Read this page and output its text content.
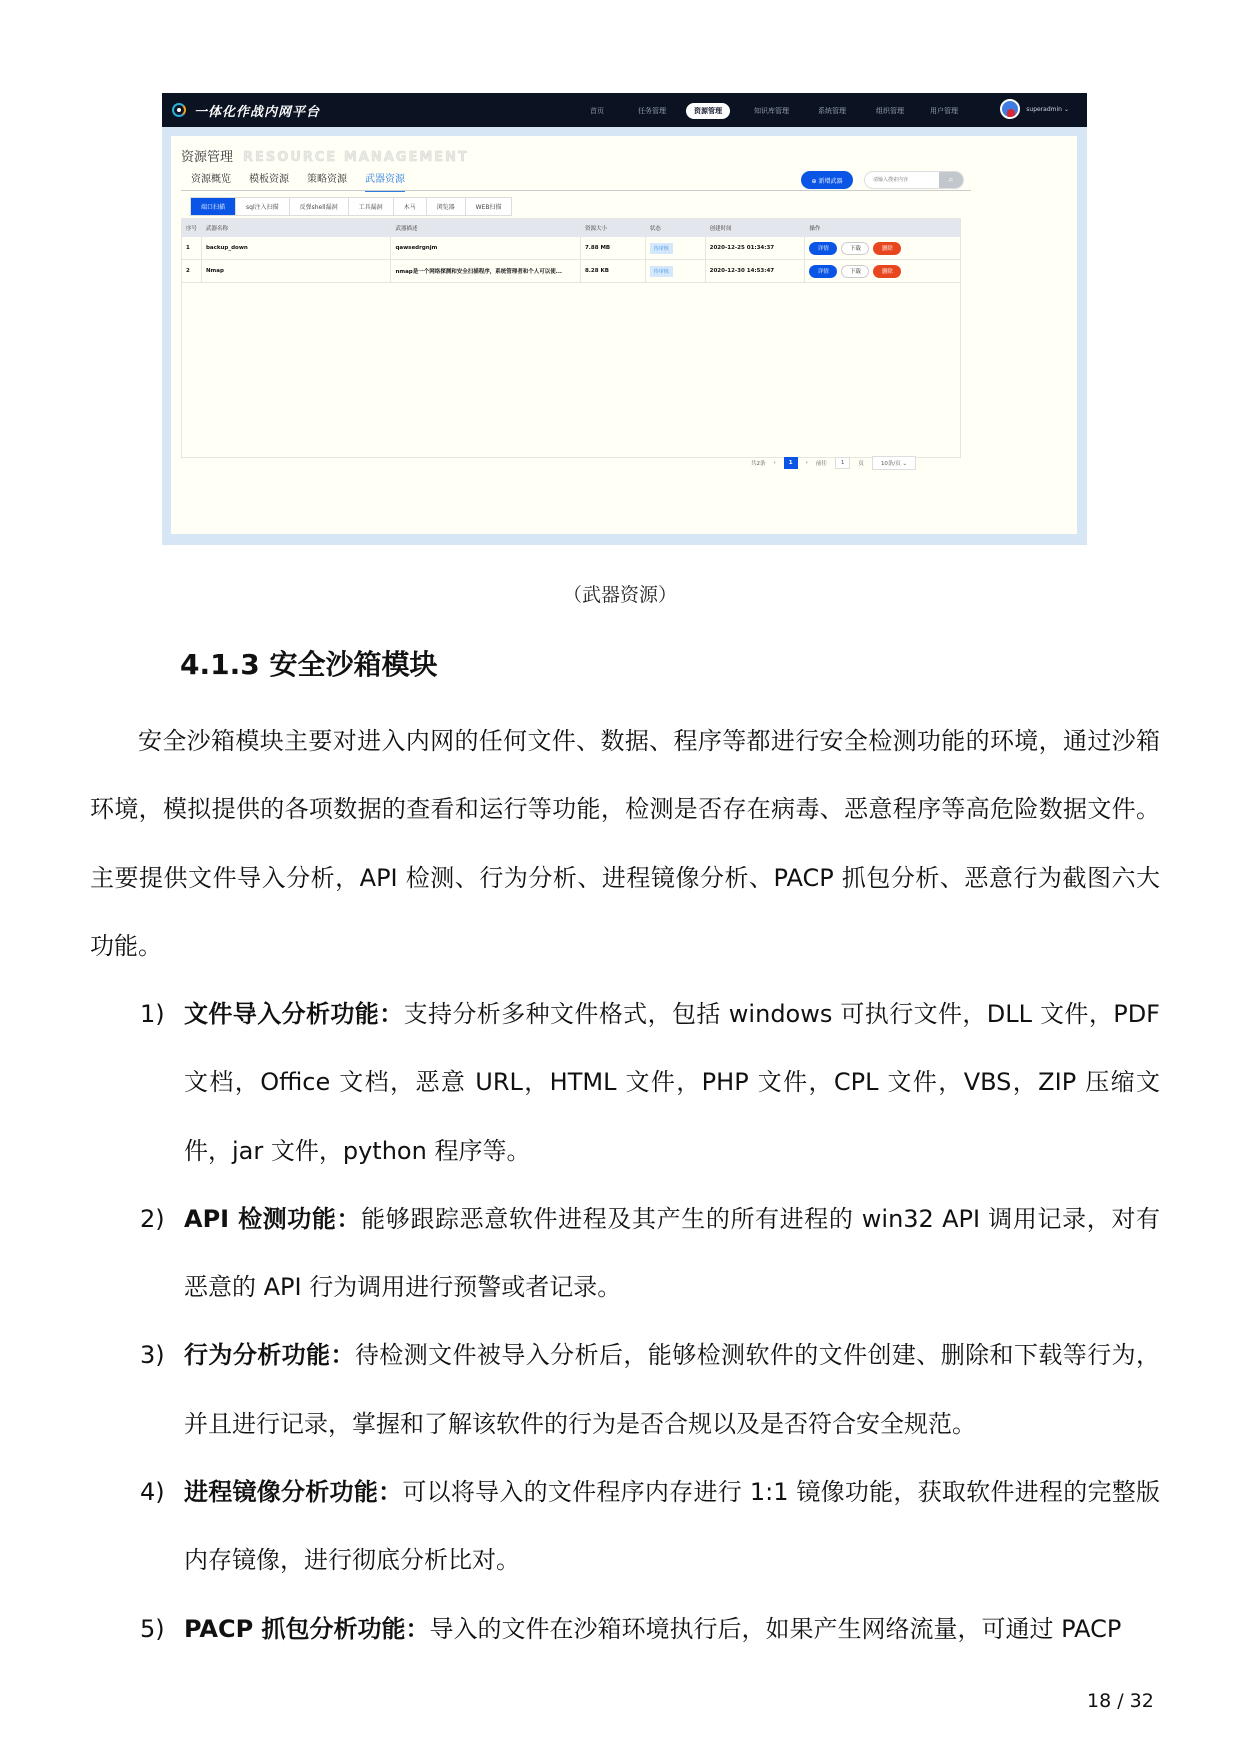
一体化作战内网平台	首页	任务管理	资源管理	知识库管理	系统管理	组织管理	用户管理	superadmin ⌄
资源管理 RESOURCE MANAGEMENT
资源概览 模板资源 策略资源 武器资源	⊕ 新增武器
请输入搜索内容	⌕
端口扫描	sql注入扫描	反弹shell漏洞	工具漏洞	木马	浏览器	WEB扫描
序号	武器名称	武器描述	资源大小	状态	创建时间	操作
1	backup_down	qawsedrgnjm	7.88 MB	待审核	2020-12-25 01:34:37	详情	下载	删除
2	Nmap	nmap是一个网络探测和安全扫描程序，系统管理者和个人可以使...	8.28 KB	待审核	2020-12-30 14:53:47	详情	下载	删除
共2条 ‹	1	› 前往	1	页	10条/页 ⌄
（武器资源）
4.1.3 安全沙箱模块
安全沙箱模块主要对进入内网的任何文件、数据、程序等都进行安全检测功能的环境，通过沙箱环境，模拟提供的各项数据的查看和运行等功能，检测是否存在病毒、恶意程序等高危险数据文件。主要提供文件导入分析，API 检测、行为分析、进程镜像分析、PACP 抓包分析、恶意行为截图六大功能。
1) 文件导入分析功能：支持分析多种文件格式，包括 windows 可执行文件，DLL 文件，PDF 文档，Office 文档，恶意 URL，HTML 文件，PHP 文件，CPL 文件，VBS，ZIP 压缩文件，jar 文件，python 程序等。
2) API 检测功能：能够跟踪恶意软件进程及其产生的所有进程的 win32 API 调用记录，对有恶意的 API 行为调用进行预警或者记录。
3) 行为分析功能：待检测文件被导入分析后，能够检测软件的文件创建、删除和下载等行为，并且进行记录，掌握和了解该软件的行为是否合规以及是否符合安全规范。
4) 进程镜像分析功能：可以将导入的文件程序内存进行 1:1 镜像功能，获取软件进程的完整版内存镜像，进行彻底分析比对。
5) PACP 抓包分析功能：导入的文件在沙箱环境执行后，如果产生网络流量，可通过 PACP
18 / 32
